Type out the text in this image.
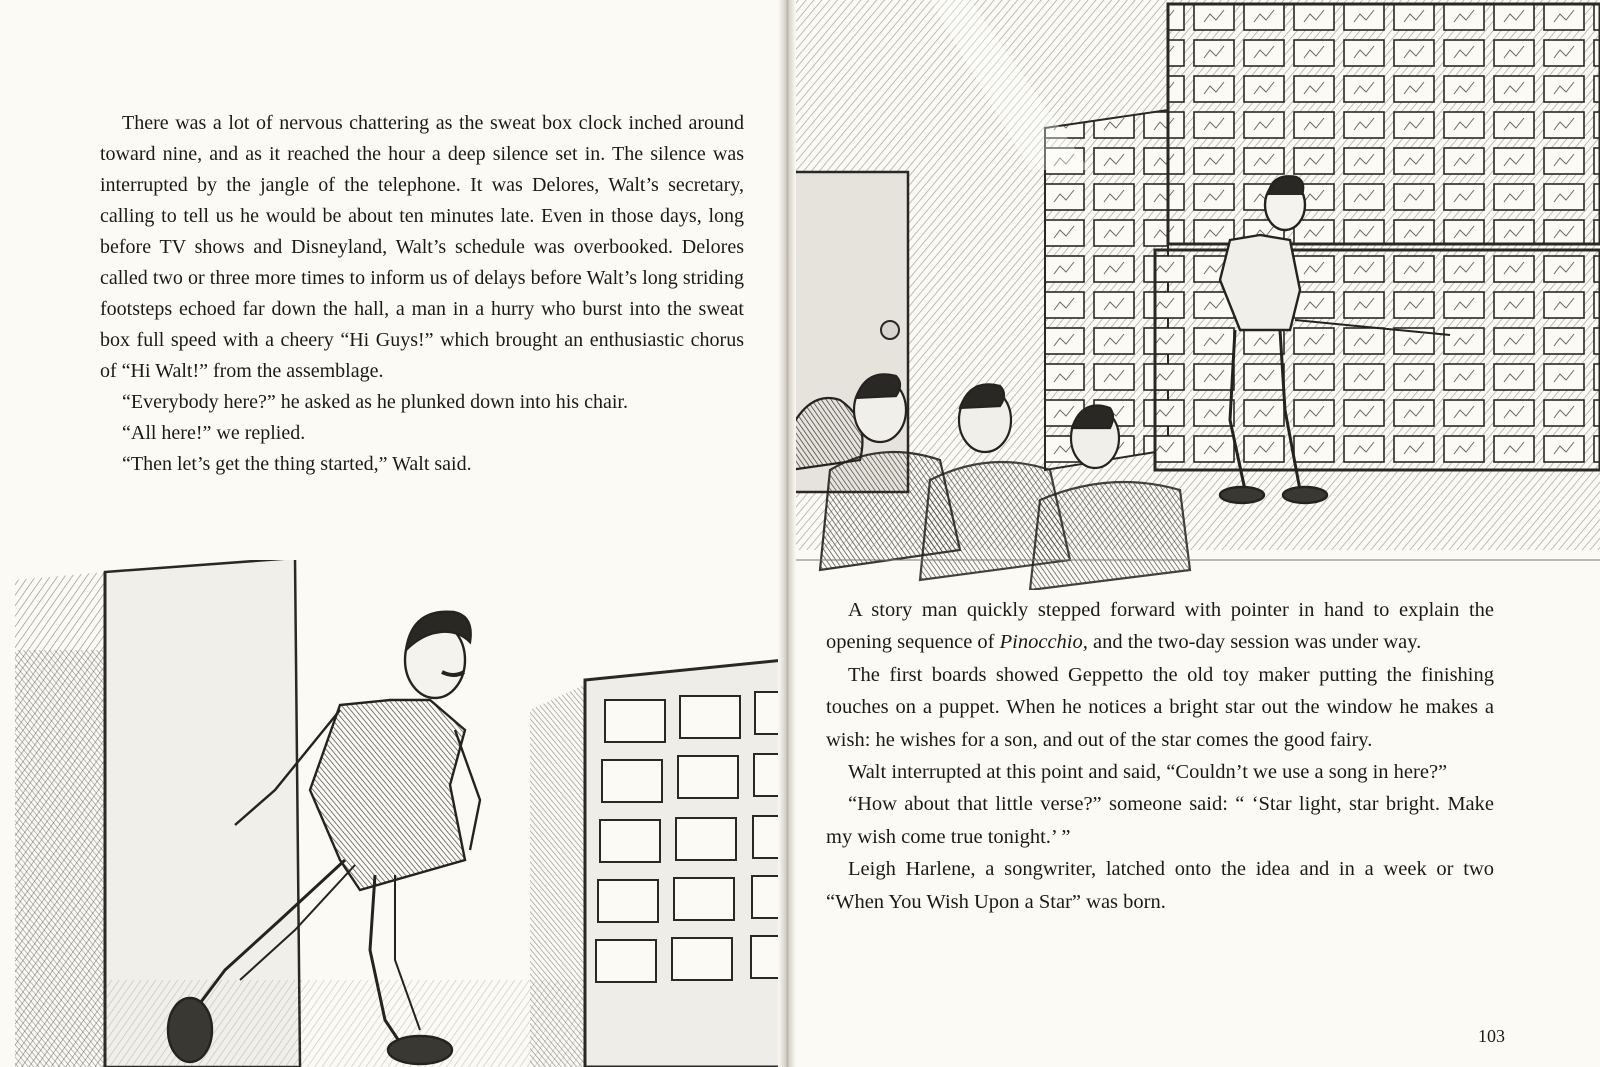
There was a lot of nervous chattering as the sweat box clock inched around toward nine, and as it reached the hour a deep silence set in. The silence was interrupted by the jangle of the telephone. It was Delores, Walt’s secretary, calling to tell us he would be about ten minutes late. Even in those days, long before TV shows and Disneyland, Walt’s schedule was overbooked. Delores called two or three more times to inform us of delays before Walt’s long striding footsteps echoed far down the hall, a man in a hurry who burst into the sweat box full speed with a cheery “Hi Guys!” which brought an enthusiastic chorus of “Hi Walt!” from the assemblage.

“Everybody here?” he asked as he plunked down into his chair.

“All here!” we replied.

“Then let’s get the thing started,” Walt said.

A story man quickly stepped forward with pointer in hand to explain the opening sequence of Pinocchio, and the two-day session was under way.

The first boards showed Geppetto the old toy maker putting the finishing touches on a puppet. When he notices a bright star out the window he makes a wish: he wishes for a son, and out of the star comes the good fairy.

Walt interrupted at this point and said, “Couldn’t we use a song in here?”

“How about that little verse?” someone said: “ ‘Star light, star bright. Make my wish come true tonight.’ ”

Leigh Harlene, a songwriter, latched onto the idea and in a week or two “When You Wish Upon a Star” was born.

103
